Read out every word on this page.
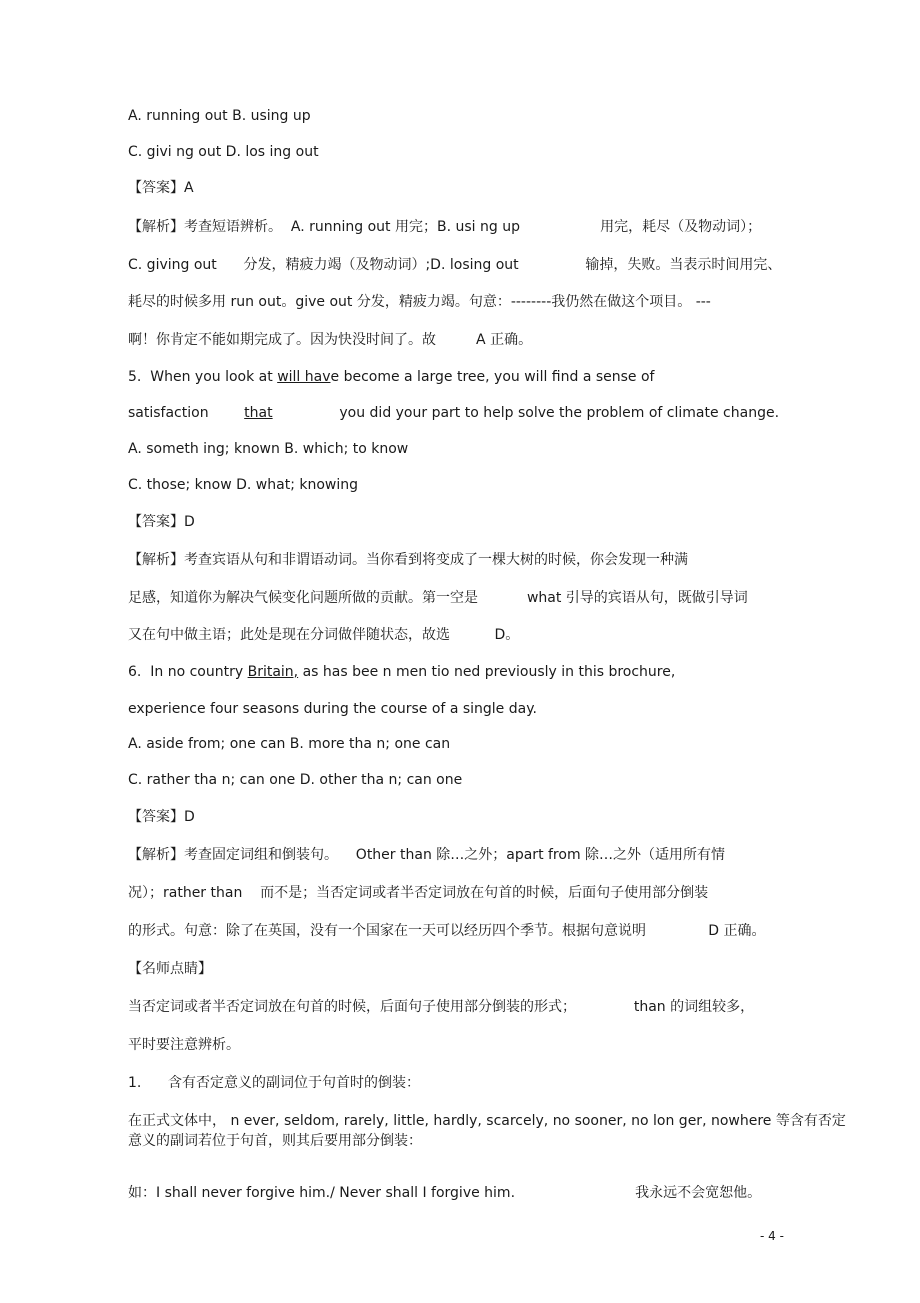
A. running out B. using up
C. givi ng out D. los ing out
【答案】A
【解析】考查短语辨析。  A. running out 用完；B. usi ng up                  用完，耗尽（及物动词）；
C. giving out      分发，精疲力竭（及物动词）;D. losing out               输掉，失败。当表示时间用完、
耗尽的时候多用 run out。give out 分发，精疲力竭。句意：--------我仍然在做这个项目。 ---
啊！你肯定不能如期完成了。因为快没时间了。故         A 正确。
5.  When you look at will have become a large tree, you will find a sense of
satisfaction        that               you did your part to help solve the problem of climate change.
A. someth ing; known B. which; to know
C. those; know D. what; knowing
【答案】D
【解析】考查宾语从句和非谓语动词。当你看到将变成了一棵大树的时候，你会发现一种满
足感，知道你为解决气候变化问题所做的贡献。第一空是           what 引导的宾语从句，既做引导词
又在句中做主语；此处是现在分词做伴随状态，故选          D。
6.  In no country Britain, as has bee n men tio ned previously in this brochure,
experience four seasons during the course of a single day.
A. aside from; one can B. more tha n; one can
C. rather tha n; can one D. other tha n; can one
【答案】D
【解析】考查固定词组和倒装句。    Other than 除…之外；apart from 除…之外（适用所有情
况）；rather than    而不是；当否定词或者半否定词放在句首的时候，后面句子使用部分倒装
的形式。句意：除了在英国，没有一个国家在一天可以经历四个季节。根据句意说明              D 正确。
【名师点睛】
当否定词或者半否定词放在句首的时候，后面句子使用部分倒装的形式；             than 的词组较多，
平时要注意辨析。
1.      含有否定意义的副词位于句首时的倒装：
在正式文体中， n ever, seldom, rarely, little, hardly, scarcely, no sooner, no lon ger, nowhere 等含有否定
意义的副词若位于句首，则其后要用部分倒装：
如：I shall never forgive him./ Never shall I forgive him.                           我永远不会宽恕他。
- 4 -
